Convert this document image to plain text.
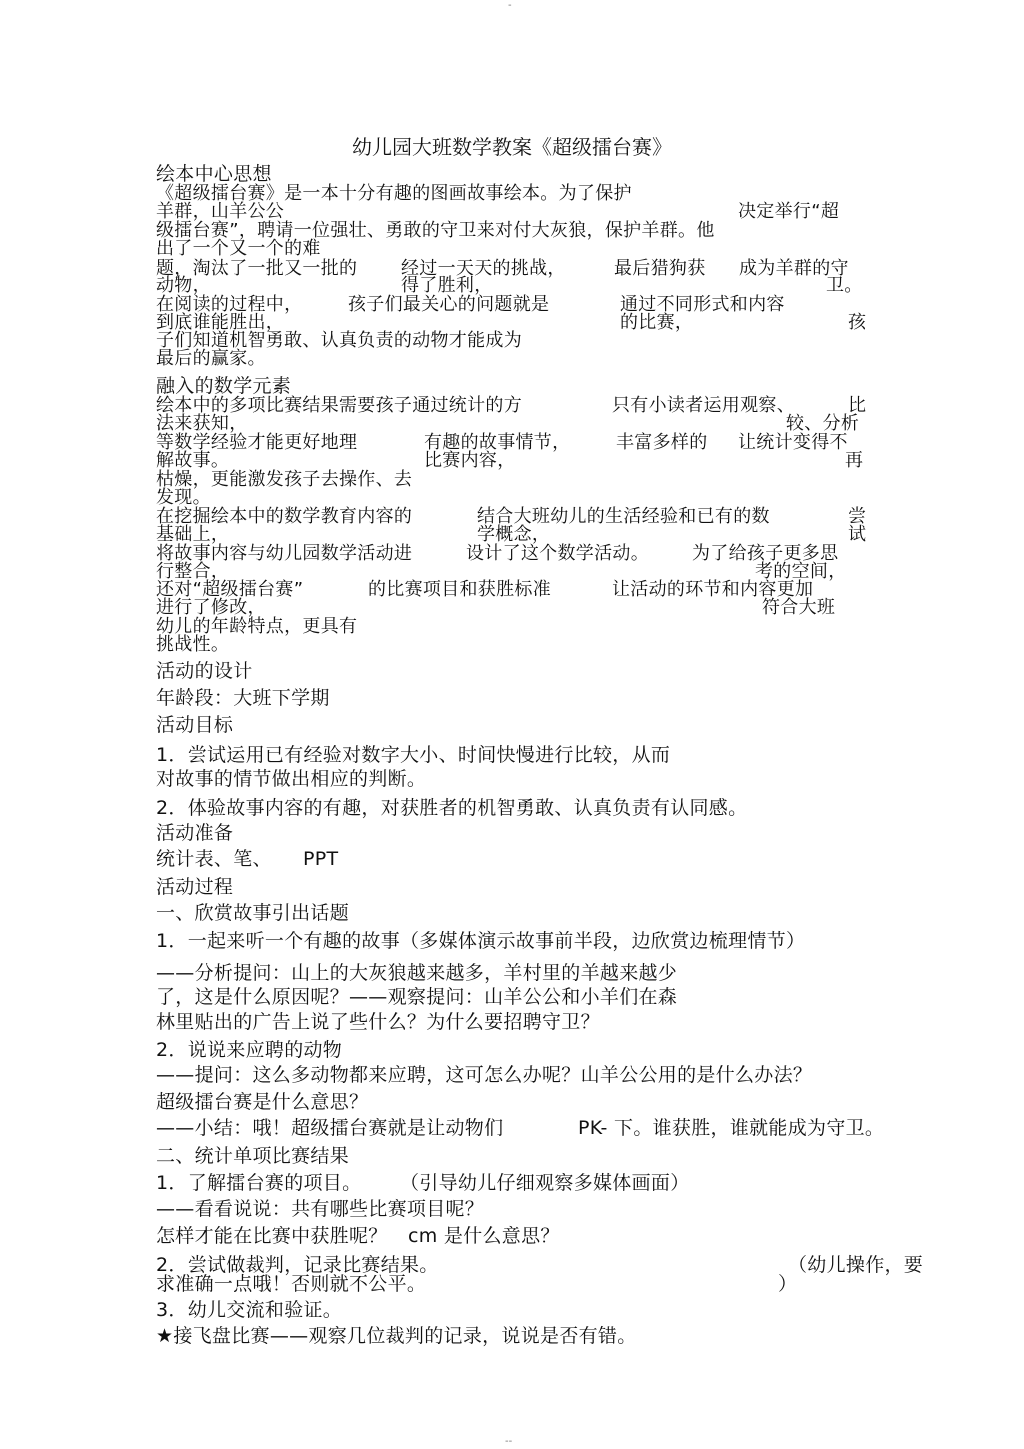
-
幼儿园大班数学教案《超级擂台赛》
绘本中心思想
《超级擂台赛》是一本十分有趣的图画故事绘本。为了保护
羊群，山羊公公	决定举行“超
级擂台赛”，聘请一位强壮、勇敢的守卫来对付大灰狼，保护羊群。他
出了一个又一个的难
题，淘汰了一批又一批的 经过一天天的挑战，	最后猎狗获 成为羊群的守
动物，	得了胜利，	卫。
在阅读的过程中，	孩子们最关心的问题就是	通过不同形式和内容
到底谁能胜出，	的比赛，	孩
子们知道机智勇敢、认真负责的动物才能成为
最后的赢家。
融入的数学元素
绘本中的多项比赛结果需要孩子通过统计的方	只有小读者运用观察、	比
法来获知，	较、分析
等数学经验才能更好地理	有趣的故事情节，	丰富多样的 让统计变得不
解故事。	比赛内容，	再
枯燥，更能激发孩子去操作、去
发现。
在挖掘绘本中的数学教育内容的	结合大班幼儿的生活经验和已有的数	尝
基础上，	学概念，	试
将故事内容与幼儿园数学活动进	设计了这个数学活动。 为了给孩子更多思
行整合，	考的空间，
还对“超级擂台赛”	的比赛项目和获胜标准	让活动的环节和内容更加
进行了修改，	符合大班
幼儿的年龄特点，更具有
挑战性。
活动的设计
年龄段：大班下学期
活动目标
1．尝试运用已有经验对数字大小、时间快慢进行比较，从而
对故事的情节做出相应的判断。
2．体验故事内容的有趣，对获胜者的机智勇敢、认真负责有认同感。
活动准备
统计表、笔、 PPT
活动过程
一、欣赏故事引出话题
1．一起来听一个有趣的故事（多媒体演示故事前半段，边欣赏边梳理情节）
——分析提问：山上的大灰狼越来越多，羊村里的羊越来越少
了，这是什么原因呢？——观察提问：山羊公公和小羊们在森
林里贴出的广告上说了些什么？为什么要招聘守卫？
2．说说来应聘的动物
——提问：这么多动物都来应聘，这可怎么办呢？山羊公公用的是什么办法？
超级擂台赛是什么意思？
——小结：哦！超级擂台赛就是让动物们	PK- 下。谁获胜，谁就能成为守卫。
二、统计单项比赛结果
1．了解擂台赛的项目。 （引导幼儿仔细观察多媒体画面）
——看看说说：共有哪些比赛项目呢？
怎样才能在比赛中获胜呢？ cm 是什么意思？
2．尝试做裁判，记录比赛结果。	（幼儿操作，要
求准确一点哦！否则就不公平。	）
3．幼儿交流和验证。
★接飞盘比赛——观察几位裁判的记录，说说是否有错。
--
